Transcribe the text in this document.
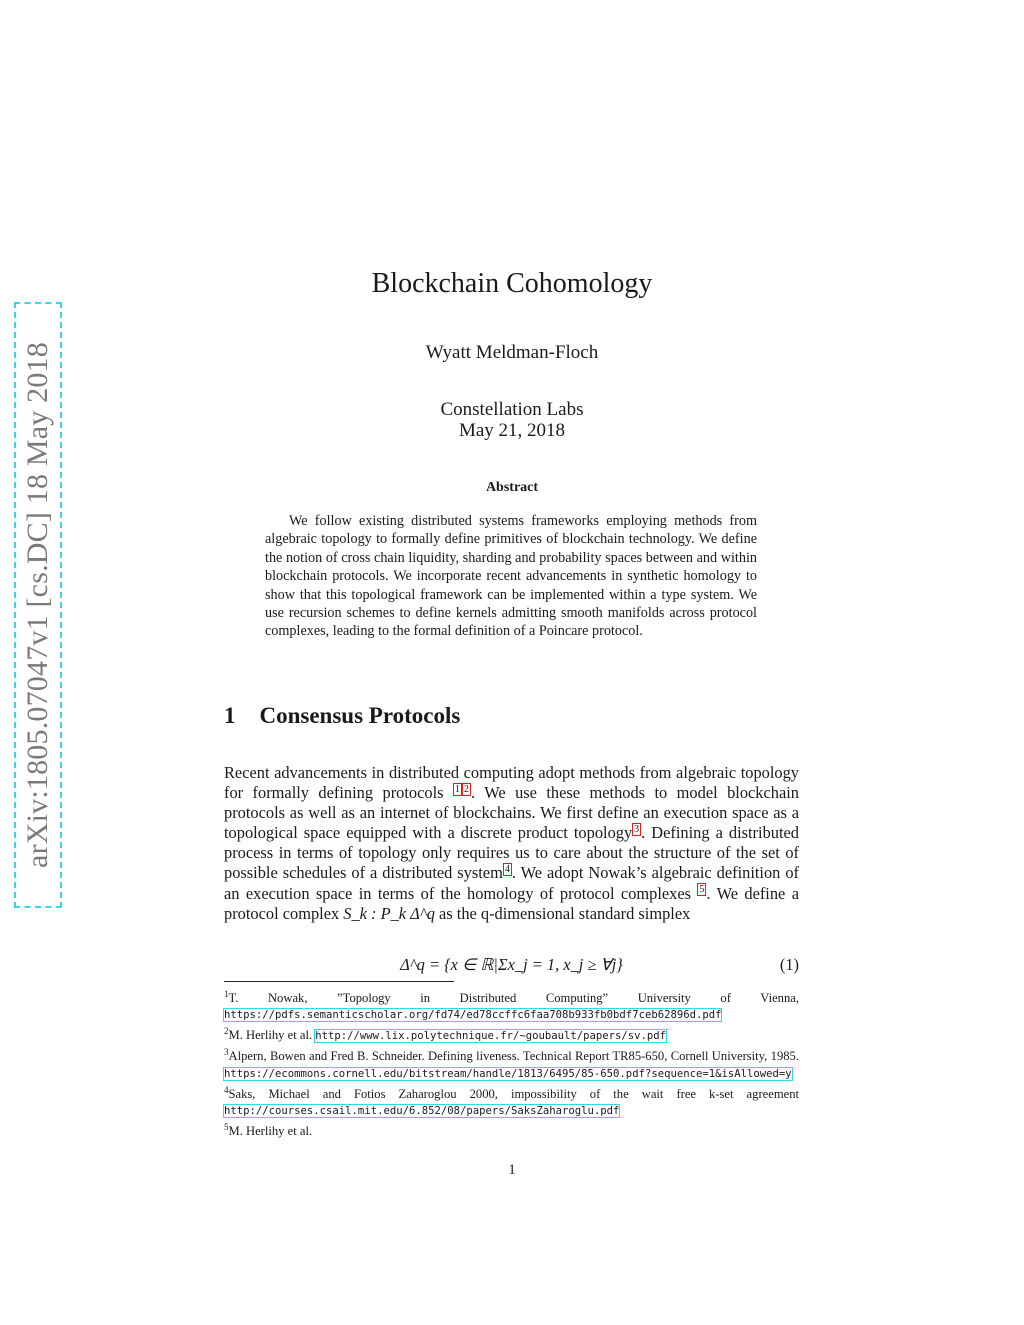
arXiv:1805.07047v1 [cs.DC] 18 May 2018
Blockchain Cohomology
Wyatt Meldman-Floch
Constellation Labs
May 21, 2018
Abstract
We follow existing distributed systems frameworks employing methods from algebraic topology to formally define primitives of blockchain technology. We define the notion of cross chain liquidity, sharding and probability spaces between and within blockchain protocols. We incorporate recent advancements in synthetic homology to show that this topological framework can be implemented within a type system. We use recursion schemes to define kernels admitting smooth manifolds across protocol complexes, leading to the formal definition of a Poincare protocol.
1 Consensus Protocols
Recent advancements in distributed computing adopt methods from algebraic topology for formally defining protocols $^1$ $^2$ . We use these methods to model blockchain protocols as well as an internet of blockchains. We first define an execution space as a topological space equipped with a discrete product topology $^3$ . Defining a distributed process in terms of topology only requires us to care about the structure of the set of possible schedules of a distributed system $^4$ . We adopt Nowak’s algebraic definition of an execution space in terms of the homology of protocol complexes $^5$ . We define a protocol complex S_k : P_k Δ^q as the q-dimensional standard simplex
Δ^q = {x ∈ ℝ|Σx_j = 1, x_j ≥ ∀j}	(1)
$^1$T. Nowak, ”Topology in Distributed Computing” University of Vienna, https://pdfs.semanticscholar.org/fd74/ed78ccffc6faa708b933fb0bdf7ceb62896d.pdf
$^2$M. Herlihy et al. http://www.lix.polytechnique.fr/~goubault/papers/sv.pdf
$^3$Alpern, Bowen and Fred B. Schneider. Defining liveness. Technical Report TR85-650, Cornell University, 1985. https://ecommons.cornell.edu/bitstream/handle/1813/6495/85-650.pdf?sequence=1&isAllowed=y
$^4$Saks, Michael and Fotios Zaharoglou 2000, impossibility of the wait free k-set agreement http://courses.csail.mit.edu/6.852/08/papers/SaksZaharoglu.pdf
$^5$M. Herlihy et al.
1
